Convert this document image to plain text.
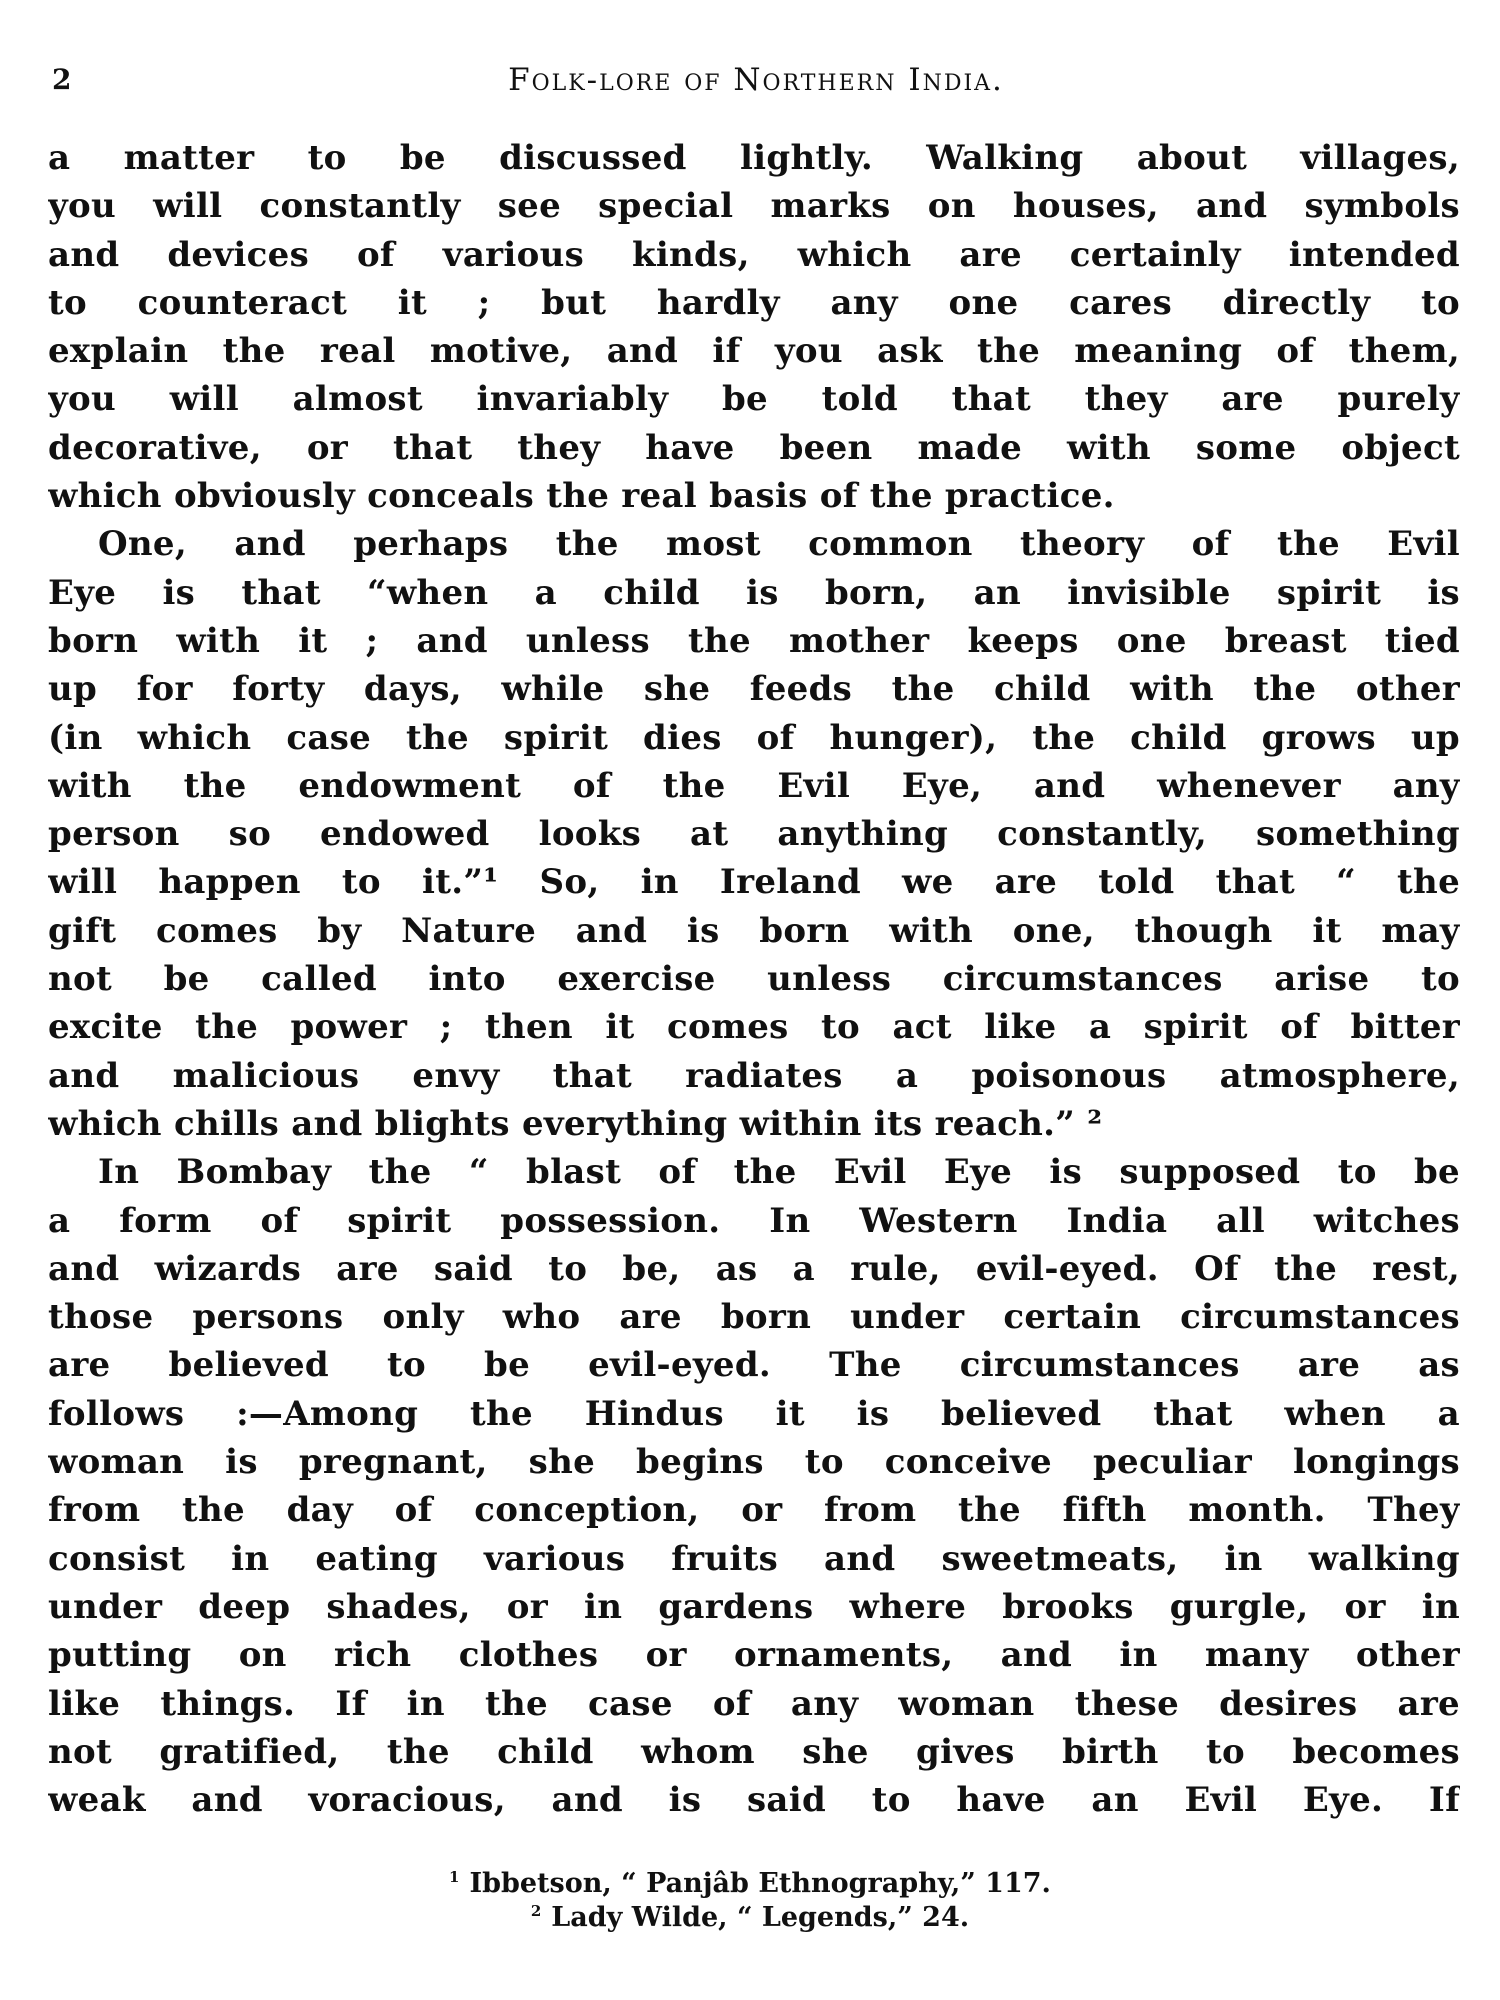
2	Folk-lore of Northern India.
a matter to be discussed lightly. Walking about villages,
you will constantly see special marks on houses, and symbols
and devices of various kinds, which are certainly intended
to counteract it ; but hardly any one cares directly to
explain the real motive, and if you ask the meaning of them,
you will almost invariably be told that they are purely
decorative, or that they have been made with some object
which obviously conceals the real basis of the practice.
One, and perhaps the most common theory of the Evil
Eye is that “when a child is born, an invisible spirit is
born with it ; and unless the mother keeps one breast tied
up for forty days, while she feeds the child with the other
(in which case the spirit dies of hunger), the child grows up
with the endowment of the Evil Eye, and whenever any
person so endowed looks at anything constantly, something
will happen to it.”¹ So, in Ireland we are told that “ the
gift comes by Nature and is born with one, though it may
not be called into exercise unless circumstances arise to
excite the power ; then it comes to act like a spirit of bitter
and malicious envy that radiates a poisonous atmosphere,
which chills and blights everything within its reach.” ²
In Bombay the “ blast of the Evil Eye is supposed to be
a form of spirit possession. In Western India all witches
and wizards are said to be, as a rule, evil-eyed. Of the rest,
those persons only who are born under certain circumstances
are believed to be evil-eyed. The circumstances are as
follows :—Among the Hindus it is believed that when a
woman is pregnant, she begins to conceive peculiar longings
from the day of conception, or from the fifth month. They
consist in eating various fruits and sweetmeats, in walking
under deep shades, or in gardens where brooks gurgle, or in
putting on rich clothes or ornaments, and in many other
like things. If in the case of any woman these desires are
not gratified, the child whom she gives birth to becomes
weak and voracious, and is said to have an Evil Eye. If
$^1$ Ibbetson, “ Panjâb Ethnography,” 117.
$^2$ Lady Wilde, “ Legends,” 24.
